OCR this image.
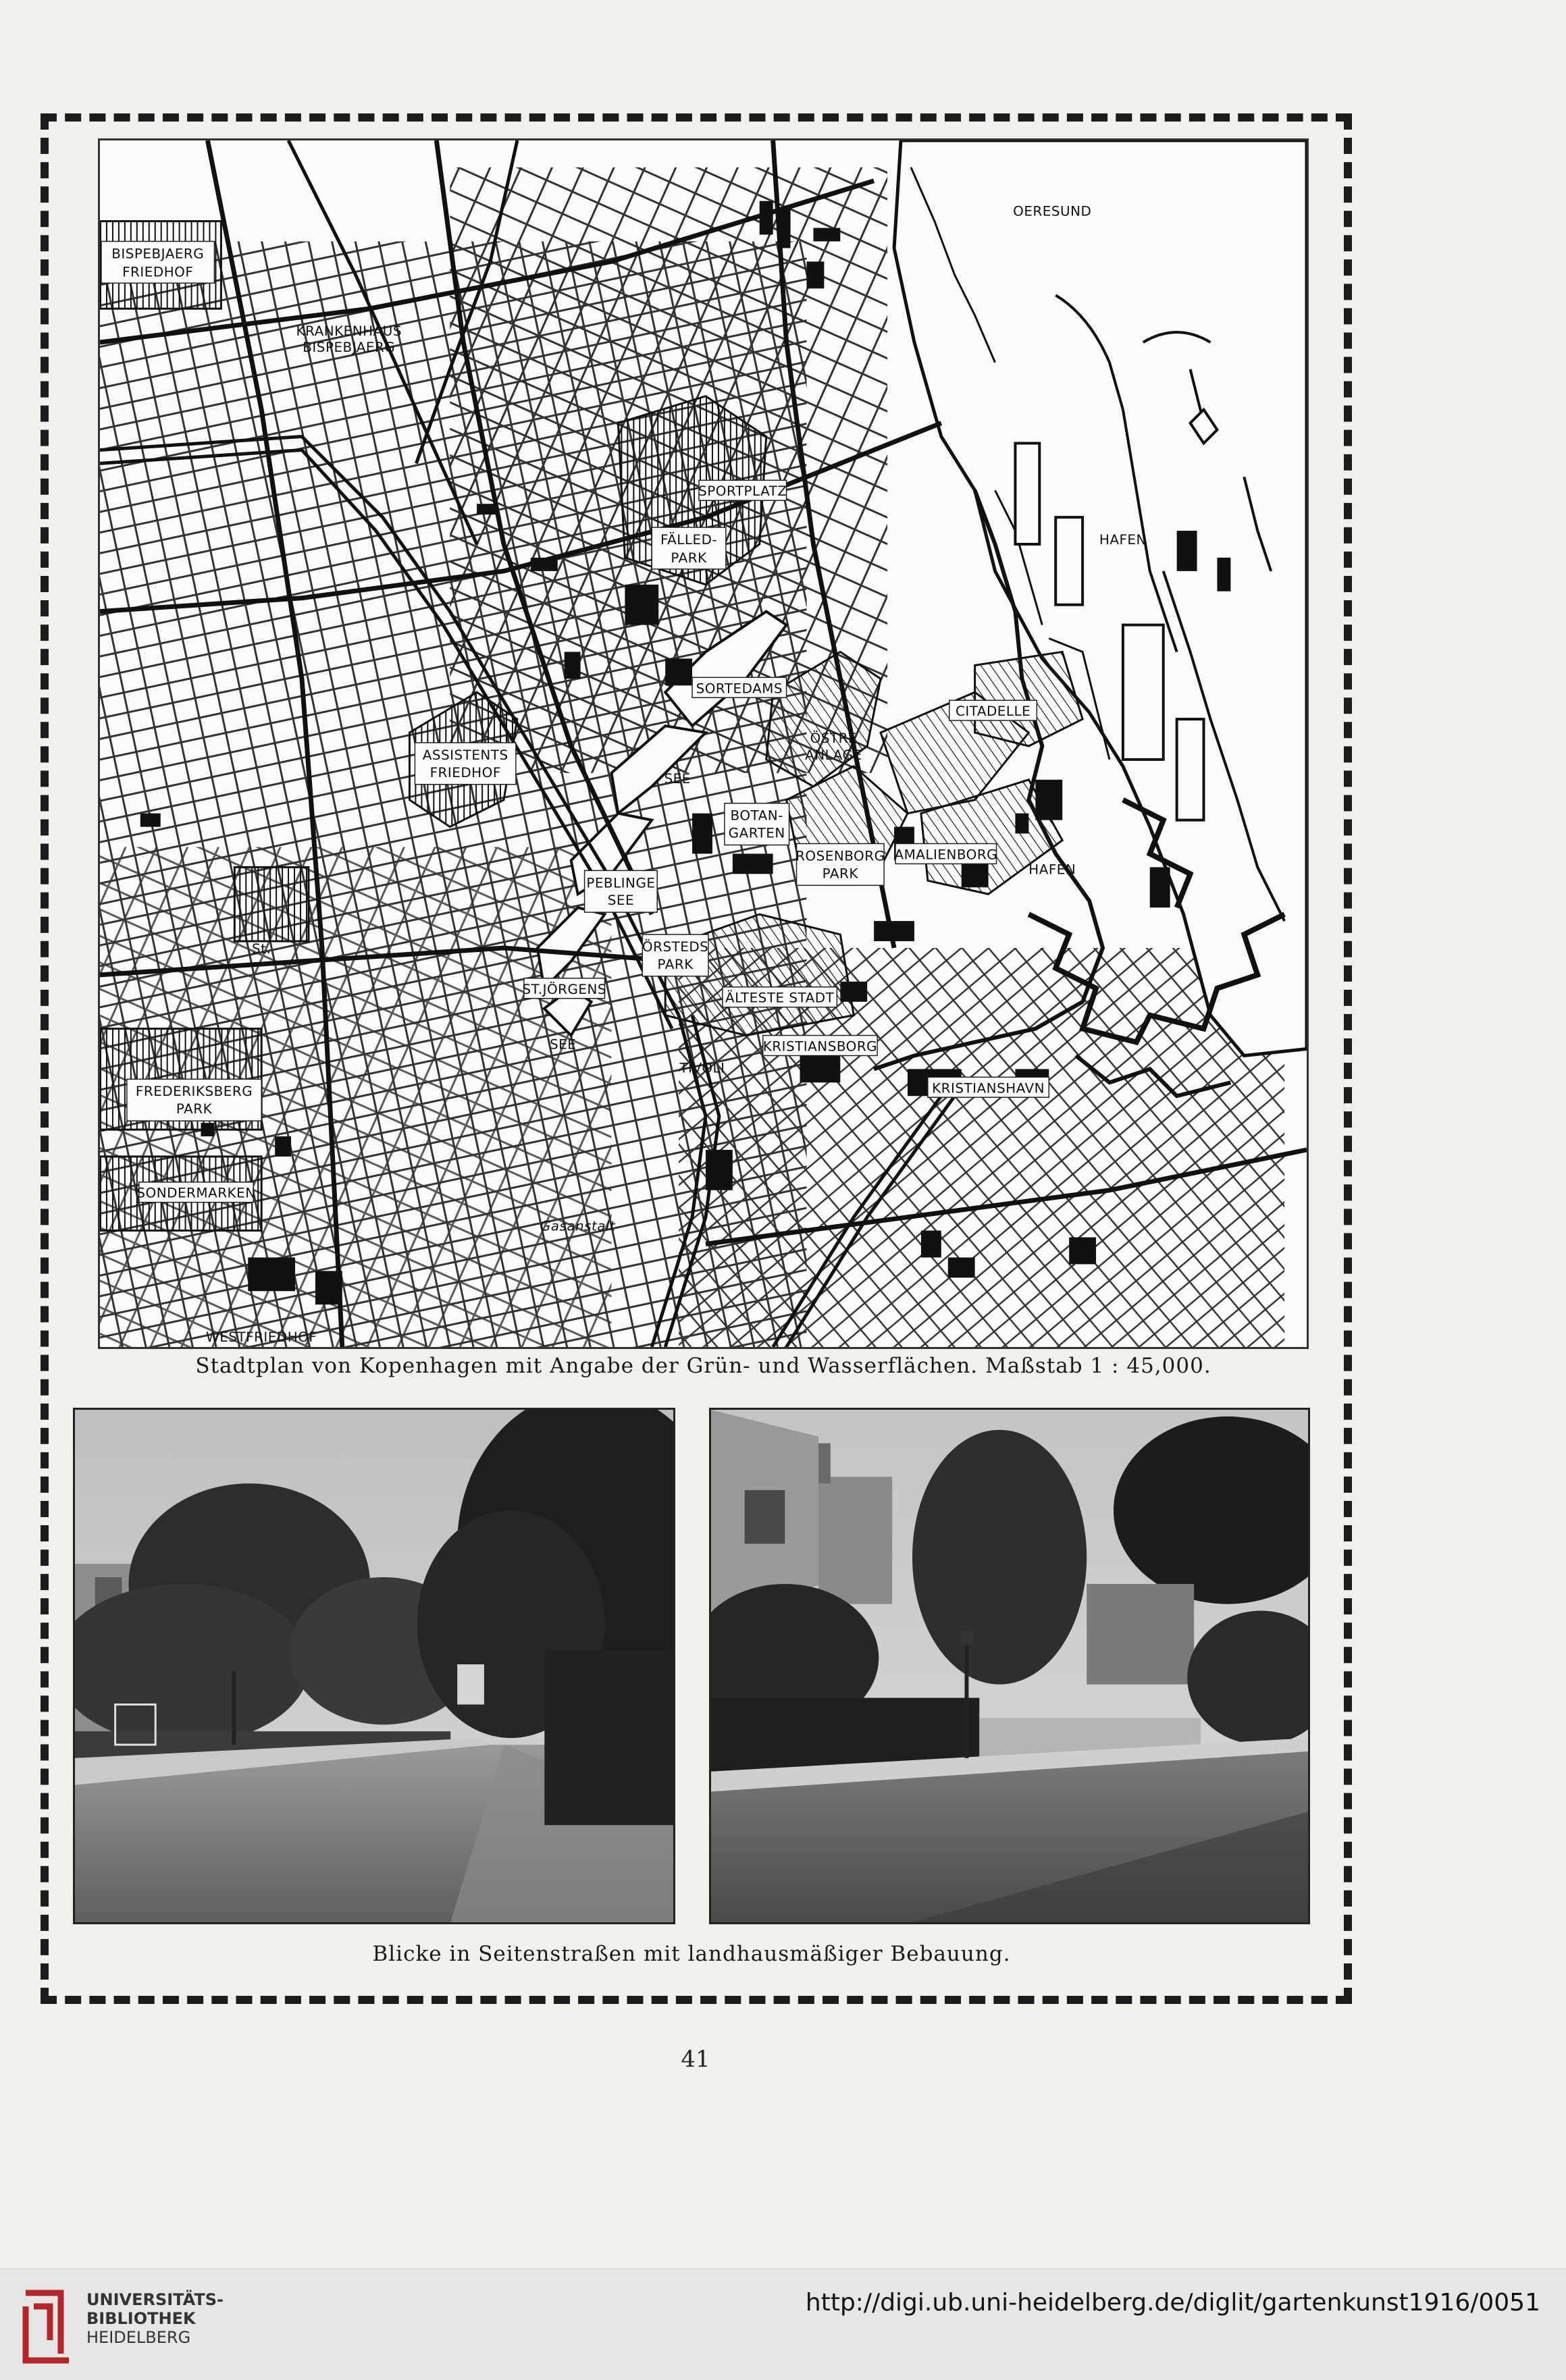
OERESUND
BISPEBJAERG
FRIEDHOF
KRANKENHAUS
BISPEBJAERG
SPORTPLATZ
FÄLLED-
PARK
HAFEN
SORTEDAMS
CITADELLE
ÖSTRE
ANLAGE
ASSISTENTS
FRIEDHOF	SEE
BOTAN-
GARTEN
ROSENBORG
PARK
AMALIENBORG
HAFEN
PEBLINGE
SEE
ÖRSTEDS
PARK
ST.JÖRGENS
ÄLTESTE STADT
SEE	KRISTIANSBORG
TIVOLI
FREDERIKSBERG
PARK
KRISTIANSHAVN
SONDERMARKEN
Gasanstalt
WESTFRIEDHOF
St.
Stadtplan von Kopenhagen mit Angabe der Grün- und Wasserflächen. Maßstab 1 : 45,000.
Blicke in Seitenstraßen mit landhausmäßiger Bebauung.
41
UNIVERSITÄTS-
BIBLIOTHEK
HEIDELBERG
http://digi.ub.uni-heidelberg.de/diglit/gartenkunst1916/0051
